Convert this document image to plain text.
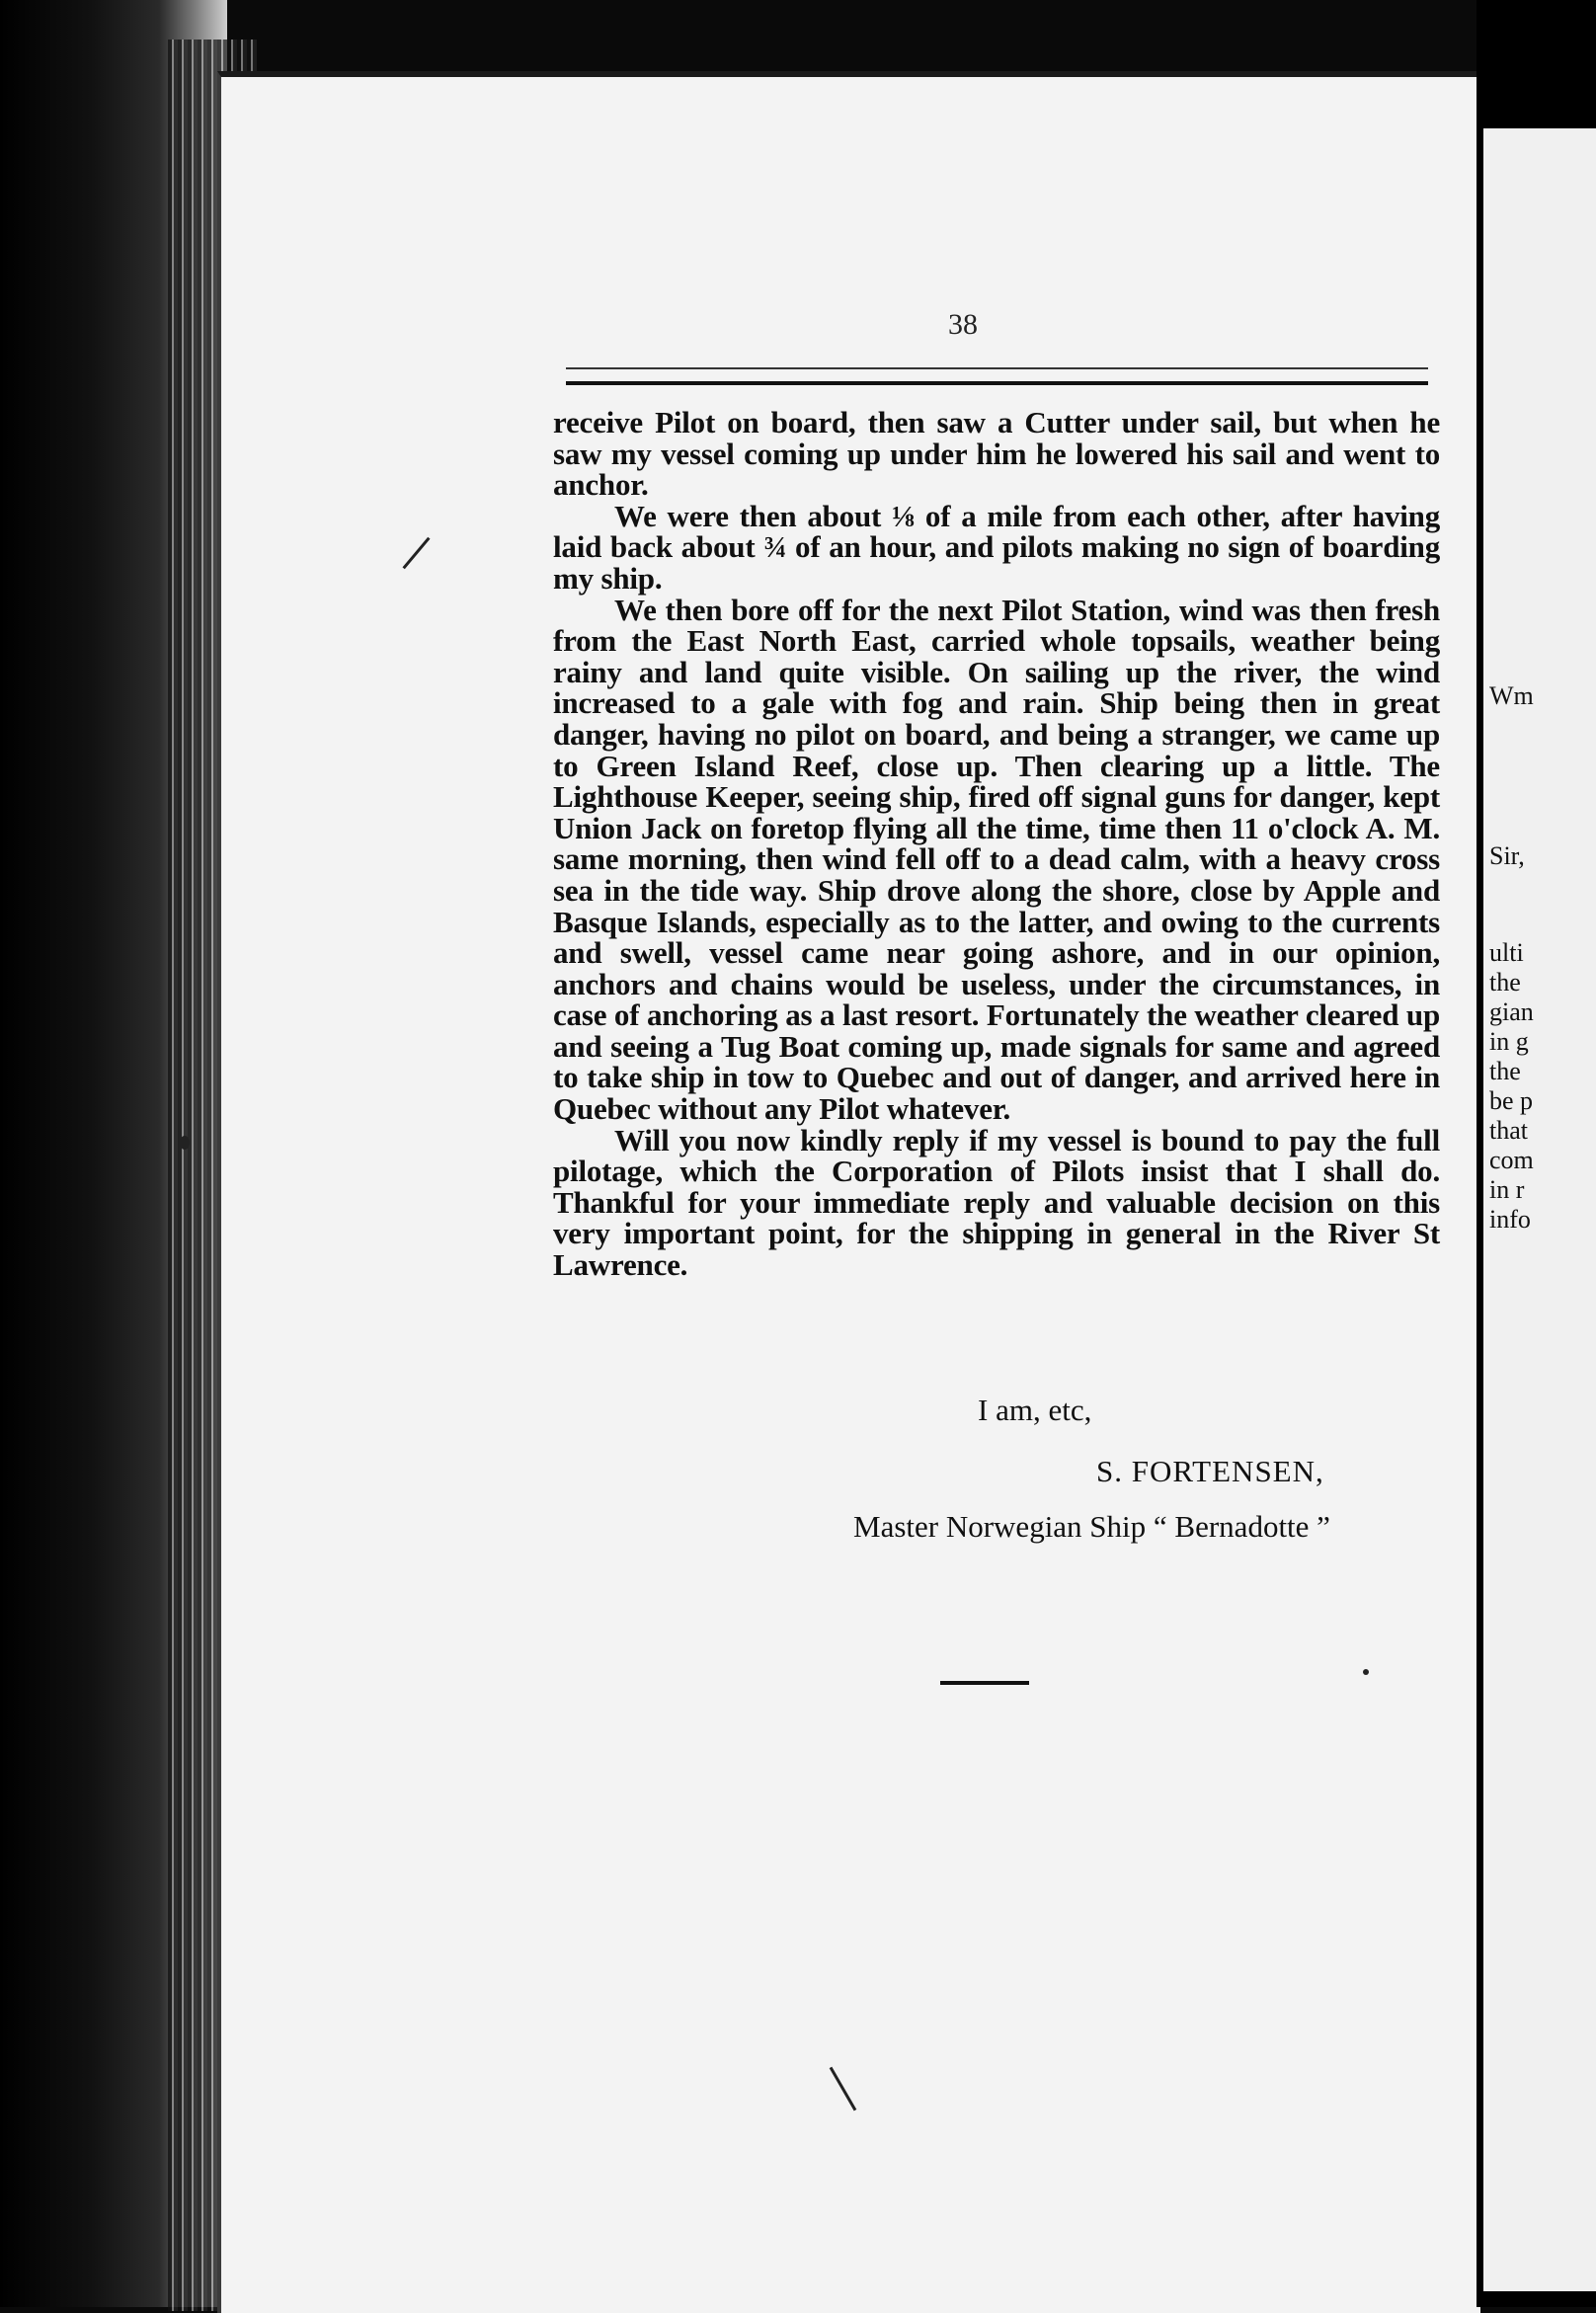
Wm
Sir,
ulti
the
gian
in g
the
be p
that
com
in r
info
38

receive Pilot on board, then saw a Cutter under sail, but when he saw my vessel coming up under him he lowered his sail and went to anchor.

We were then about ⅛ of a mile from each other, after having laid back about ¾ of an hour, and pilots making no sign of boarding my ship.

We then bore off for the next Pilot Station, wind was then fresh from the East North East, carried whole topsails, weather being rainy and land quite visible. On sailing up the river, the wind increased to a gale with fog and rain. Ship being then in great danger, having no pilot on board, and being a stranger, we came up to Green Island Reef, close up. Then clearing up a little. The Lighthouse Keeper, seeing ship, fired off signal guns for danger, kept Union Jack on foretop flying all the time, time then 11 o'clock A. M. same morning, then wind fell off to a dead calm, with a heavy cross sea in the tide way. Ship drove along the shore, close by Apple and Basque Islands, especially as to the latter, and owing to the currents and swell, vessel came near going ashore, and in our opinion, anchors and chains would be useless, under the circumstances, in case of anchoring as a last resort. Fortunately the weather cleared up and seeing a Tug Boat coming up, made signals for same and agreed to take ship in tow to Quebec and out of danger, and arrived here in Quebec without any Pilot whatever.

Will you now kindly reply if my vessel is bound to pay the full pilotage, which the Corporation of Pilots insist that I shall do. Thankful for your immediate reply and valuable decision on this very important point, for the shipping in general in the River St Lawrence.

I am, etc,
S. FORTENSEN,
Master Norwegian Ship “ Bernadotte ”
